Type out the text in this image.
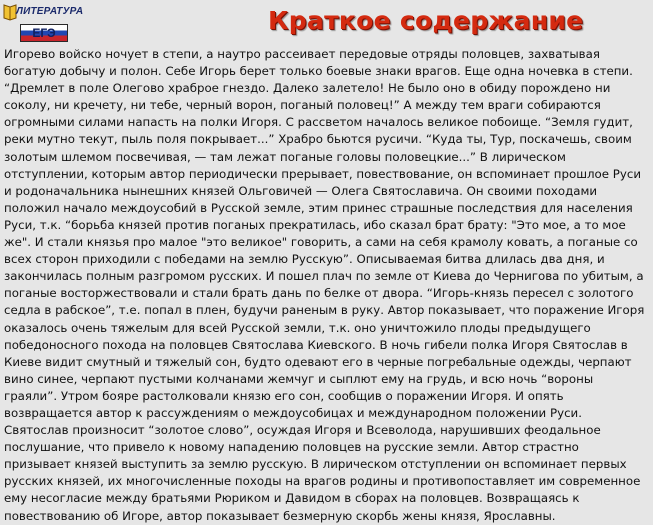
ЛИТЕРАТУРА
ЕГЭ	Краткое содержание

Игорево войско ночует в степи, а наутро рассеивает передовые отряды половцев, захватывая богатую добычу и полон. Себе Игорь берет только боевые знаки врагов. Еще одна ночевка в степи. “Дремлет в поле Олегово храброе гнездо. Далеко залетело! Не было оно в обиду порождено ни соколу, ни кречету, ни тебе, черный ворон, поганый половец!” А между тем враги собираются огромными силами напасть на полки Игоря. С рассветом началось великое побоище. “Земля гудит, реки мутно текут, пыль поля покрывает...” Храбро бьются русичи. “Куда ты, Тур, поскачешь, своим золотым шлемом посвечивая, — там лежат поганые головы половецкие...” В лирическом отступлении, которым автор периодически прерывает, повествование, он вспоминает прошлое Руси и родоначальника нынешних князей Ольговичей — Олега Святославича. Он своими походами положил начало междоусобий в Русской земле, этим принес страшные последствия для населения Руси, т.к. “борьба князей против поганых прекратилась, ибо сказал брат брату: "Это мое, а то мое же". И стали князья про малое "это великое" говорить, а сами на себя крамолу ковать, а поганые со всех сторон приходили с победами на землю Русскую”. Описываемая битва длилась два дня, и закончилась полным разгромом русских. И пошел плач по земле от Киева до Чернигова по убитым, а поганые восторжествовали и стали брать дань по белке от двора. “Игорь-князь пересел с золотого седла в рабское”, т.е. попал в плен, будучи раненым в руку. Автор показывает, что поражение Игоря оказалось очень тяжелым для всей Русской земли, т.к. оно уничтожило плоды предыдущего победоносного похода на половцев Святослава Киевского. В ночь гибели полка Игоря Святослав в Киеве видит смутный и тяжелый сон, будто одевают его в черные погребальные одежды, черпают вино синее, черпают пустыми колчанами жемчуг и сыплют ему на грудь, и всю ночь “вороны граяли”. Утром бояре растолковали князю его сон, сообщив о поражении Игоря. И опять возвращается автор к рассуждениям о междоусобицах и международном положении Руси. Святослав произносит “золотое слово”, осуждая Игоря и Всеволода, нарушивших феодальное послушание, что привело к новому нападению половцев на русские земли. Автор страстно призывает князей выступить за землю русскую. В лирическом отступлении он вспоминает первых русских князей, их многочисленные походы на врагов родины и противопоставляет им современное ему несогласие между братьями Рюриком и Давидом в сборах на половцев. Возвращаясь к повествованию об Игоре, автор показывает безмерную скорбь жены князя, Ярославны.
